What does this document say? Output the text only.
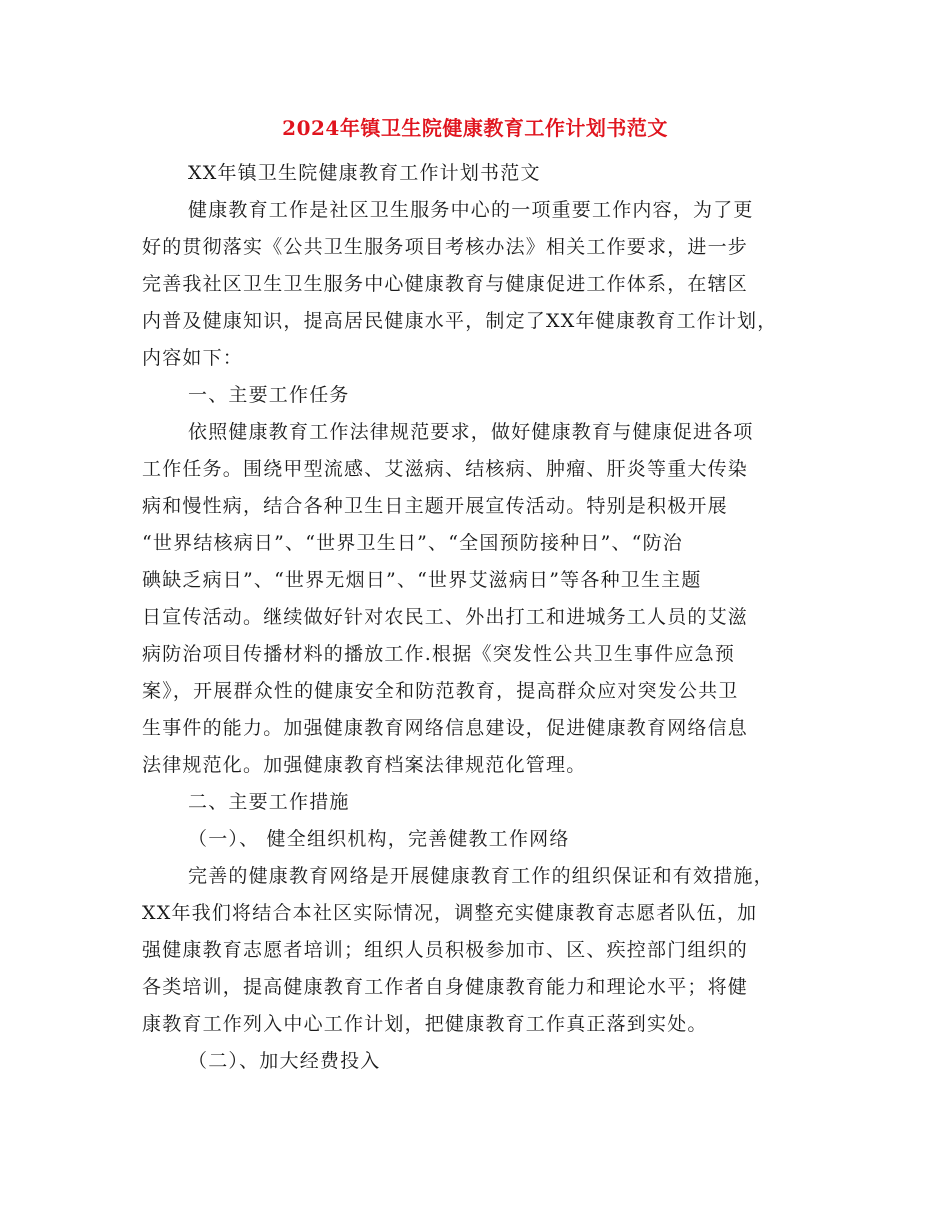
2024年镇卫生院健康教育工作计划书范文
XX年镇卫生院健康教育工作计划书范文
健康教育工作是社区卫生服务中心的一项重要工作内容，为了更
好的贯彻落实《公共卫生服务项目考核办法》相关工作要求，进一步
完善我社区卫生卫生服务中心健康教育与健康促进工作体系，在辖区
内普及健康知识，提高居民健康水平，制定了XX年健康教育工作计划，
内容如下：
一、主要工作任务
依照健康教育工作法律规范要求，做好健康教育与健康促进各项
工作任务。围绕甲型流感、艾滋病、结核病、肿瘤、肝炎等重大传染
病和慢性病，结合各种卫生日主题开展宣传活动。特别是积极开展
“世界结核病日”、“世界卫生日”、“全国预防接种日”、“防治
碘缺乏病日”、“世界无烟日”、“世界艾滋病日”等各种卫生主题
日宣传活动。继续做好针对农民工、外出打工和进城务工人员的艾滋
病防治项目传播材料的播放工作.根据《突发性公共卫生事件应急预
案》，开展群众性的健康安全和防范教育，提高群众应对突发公共卫
生事件的能力。加强健康教育网络信息建设，促进健康教育网络信息
法律规范化。加强健康教育档案法律规范化管理。
二、主要工作措施
（一）、 健全组织机构，完善健教工作网络
完善的健康教育网络是开展健康教育工作的组织保证和有效措施，
XX年我们将结合本社区实际情况，调整充实健康教育志愿者队伍，加
强健康教育志愿者培训；组织人员积极参加市、区、疾控部门组织的
各类培训，提高健康教育工作者自身健康教育能力和理论水平；将健
康教育工作列入中心工作计划，把健康教育工作真正落到实处。
（二）、加大经费投入
